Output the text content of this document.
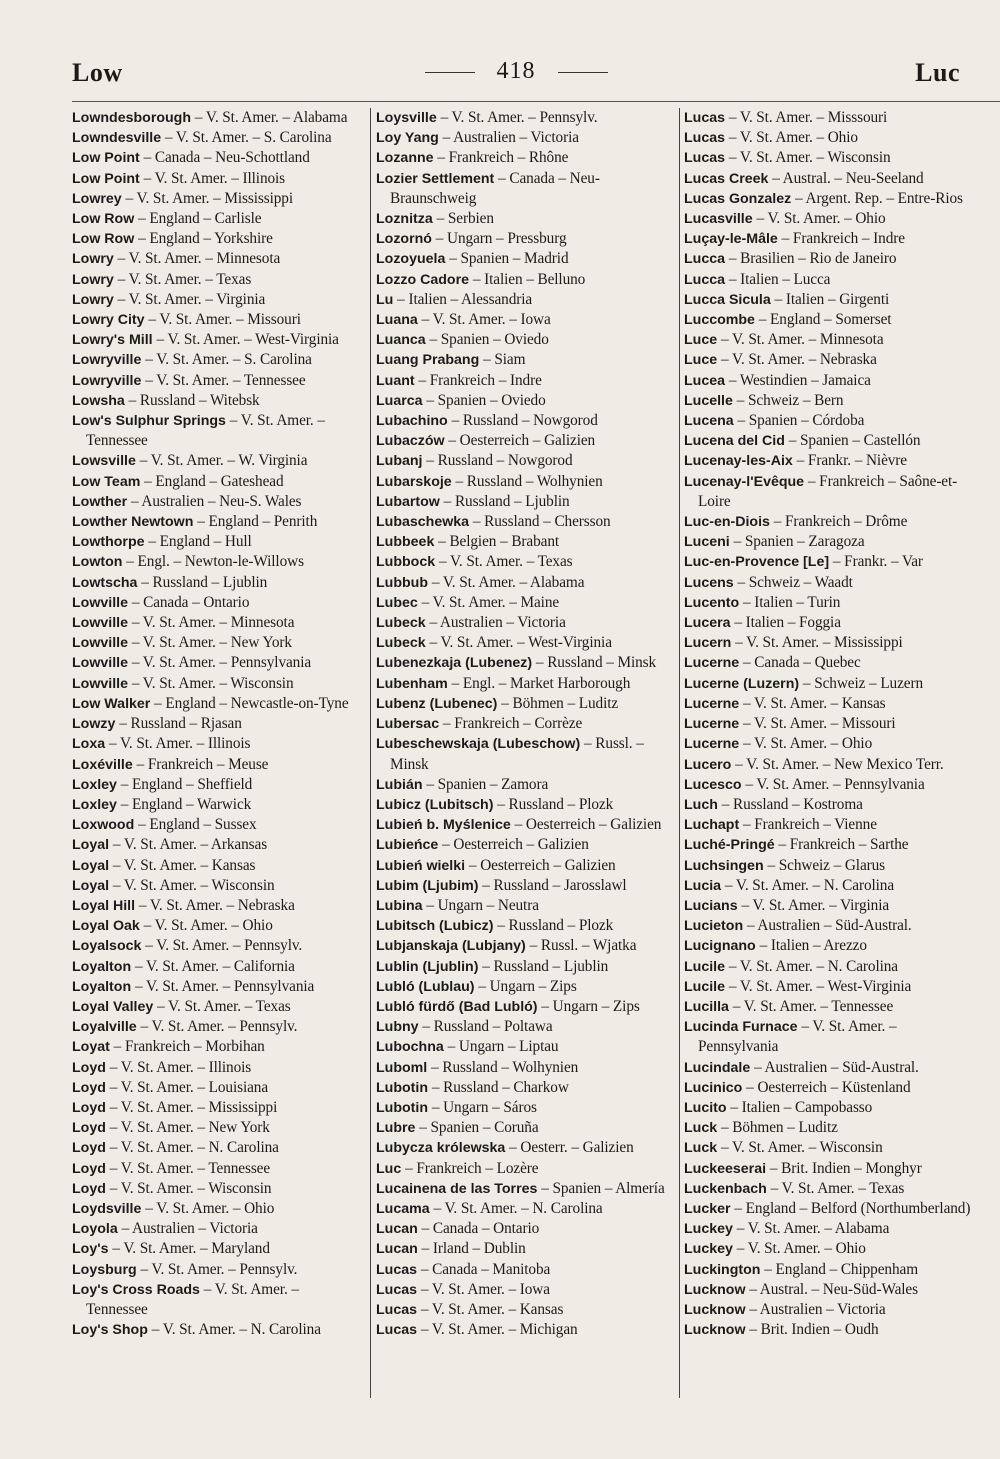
Low	418	Luc
Lowndesborough – V. St. Amer. – Alabama
Lowndesville – V. St. Amer. – S. Carolina
Low Point – Canada – Neu-Schottland
Low Point – V. St. Amer. – Illinois
Lowrey – V. St. Amer. – Mississippi
Low Row – England – Carlisle
Low Row – England – Yorkshire
Lowry – V. St. Amer. – Minnesota
Lowry – V. St. Amer. – Texas
Lowry – V. St. Amer. – Virginia
Lowry City – V. St. Amer. – Missouri
Lowry's Mill – V. St. Amer. – West-Virginia
Lowryville – V. St. Amer. – S. Carolina
Lowryville – V. St. Amer. – Tennessee
Lowsha – Russland – Witebsk
Low's Sulphur Springs – V. St. Amer. – Tennessee
Lowsville – V. St. Amer. – W. Virginia
Low Team – England – Gateshead
Lowther – Australien – Neu-S. Wales
Lowther Newtown – England – Penrith
Lowthorpe – England – Hull
Lowton – Engl. – Newton-le-Willows
Lowtscha – Russland – Ljublin
Lowville – Canada – Ontario
Lowville – V. St. Amer. – Minnesota
Lowville – V. St. Amer. – New York
Lowville – V. St. Amer. – Pennsylvania
Lowville – V. St. Amer. – Wisconsin
Low Walker – England – Newcastle-on-Tyne
Lowzy – Russland – Rjasan
Loxa – V. St. Amer. – Illinois
Loxéville – Frankreich – Meuse
Loxley – England – Sheffield
Loxley – England – Warwick
Loxwood – England – Sussex
Loyal – V. St. Amer. – Arkansas
Loyal – V. St. Amer. – Kansas
Loyal – V. St. Amer. – Wisconsin
Loyal Hill – V. St. Amer. – Nebraska
Loyal Oak – V. St. Amer. – Ohio
Loyalsock – V. St. Amer. – Pennsylv.
Loyalton – V. St. Amer. – California
Loyalton – V. St. Amer. – Pennsylvania
Loyal Valley – V. St. Amer. – Texas
Loyalville – V. St. Amer. – Pennsylv.
Loyat – Frankreich – Morbihan
Loyd – V. St. Amer. – Illinois
Loyd – V. St. Amer. – Louisiana
Loyd – V. St. Amer. – Mississippi
Loyd – V. St. Amer. – New York
Loyd – V. St. Amer. – N. Carolina
Loyd – V. St. Amer. – Tennessee
Loyd – V. St. Amer. – Wisconsin
Loydsville – V. St. Amer. – Ohio
Loyola – Australien – Victoria
Loy's – V. St. Amer. – Maryland
Loysburg – V. St. Amer. – Pennsylv.
Loy's Cross Roads – V. St. Amer. – Tennessee
Loy's Shop – V. St. Amer. – N. Carolina
Loysville – V. St. Amer. – Pennsylv.
Loy Yang – Australien – Victoria
Lozanne – Frankreich – Rhône
Lozier Settlement – Canada – Neu-Braunschweig
Loznitza – Serbien
Lozornó – Ungarn – Pressburg
Lozoyuela – Spanien – Madrid
Lozzo Cadore – Italien – Belluno
Lu – Italien – Alessandria
Luana – V. St. Amer. – Iowa
Luanca – Spanien – Oviedo
Luang Prabang – Siam
Luant – Frankreich – Indre
Luarca – Spanien – Oviedo
Lubachino – Russland – Nowgorod
Lubaczów – Oesterreich – Galizien
Lubanj – Russland – Nowgorod
Lubarskoje – Russland – Wolhynien
Lubartow – Russland – Ljublin
Lubaschewka – Russland – Chersson
Lubbeek – Belgien – Brabant
Lubbock – V. St. Amer. – Texas
Lubbub – V. St. Amer. – Alabama
Lubec – V. St. Amer. – Maine
Lubeck – Australien – Victoria
Lubeck – V. St. Amer. – West-Virginia
Lubenezkaja (Lubenez) – Russland – Minsk
Lubenham – Engl. – Market Harborough
Lubenz (Lubenec) – Böhmen – Luditz
Lubersac – Frankreich – Corrèze
Lubeschewskaja (Lubeschow) – Russl. – Minsk
Lubián – Spanien – Zamora
Lubicz (Lubitsch) – Russland – Plozk
Lubień b. Myślenice – Oesterreich – Galizien
Lubieńce – Oesterreich – Galizien
Lubień wielki – Oesterreich – Galizien
Lubim (Ljubim) – Russland – Jarosslawl
Lubina – Ungarn – Neutra
Lubitsch (Lubicz) – Russland – Plozk
Lubjanskaja (Lubjany) – Russl. – Wjatka
Lublin (Ljublin) – Russland – Ljublin
Lubló (Lublau) – Ungarn – Zips
Lubló fürdő (Bad Lubló) – Ungarn – Zips
Lubny – Russland – Poltawa
Lubochna – Ungarn – Liptau
Luboml – Russland – Wolhynien
Lubotin – Russland – Charkow
Lubotin – Ungarn – Sáros
Lubre – Spanien – Coruña
Lubycza królewska – Oesterr. – Galizien
Luc – Frankreich – Lozère
Lucainena de las Torres – Spanien – Almería
Lucama – V. St. Amer. – N. Carolina
Lucan – Canada – Ontario
Lucan – Irland – Dublin
Lucas – Canada – Manitoba
Lucas – V. St. Amer. – Iowa
Lucas – V. St. Amer. – Kansas
Lucas – V. St. Amer. – Michigan
Lucas – V. St. Amer. – Misssouri
Lucas – V. St. Amer. – Ohio
Lucas – V. St. Amer. – Wisconsin
Lucas Creek – Austral. – Neu-Seeland
Lucas Gonzalez – Argent. Rep. – Entre-Rios
Lucasville – V. St. Amer. – Ohio
Luçay-le-Mâle – Frankreich – Indre
Lucca – Brasilien – Rio de Janeiro
Lucca – Italien – Lucca
Lucca Sicula – Italien – Girgenti
Luccombe – England – Somerset
Luce – V. St. Amer. – Minnesota
Luce – V. St. Amer. – Nebraska
Lucea – Westindien – Jamaica
Lucelle – Schweiz – Bern
Lucena – Spanien – Córdoba
Lucena del Cid – Spanien – Castellón
Lucenay-les-Aix – Frankr. – Nièvre
Lucenay-l'Evêque – Frankreich – Saône-et-Loire
Luc-en-Diois – Frankreich – Drôme
Luceni – Spanien – Zaragoza
Luc-en-Provence [Le] – Frankr. – Var
Lucens – Schweiz – Waadt
Lucento – Italien – Turin
Lucera – Italien – Foggia
Lucern – V. St. Amer. – Mississippi
Lucerne – Canada – Quebec
Lucerne (Luzern) – Schweiz – Luzern
Lucerne – V. St. Amer. – Kansas
Lucerne – V. St. Amer. – Missouri
Lucerne – V. St. Amer. – Ohio
Lucero – V. St. Amer. – New Mexico Terr.
Lucesco – V. St. Amer. – Pennsylvania
Luch – Russland – Kostroma
Luchapt – Frankreich – Vienne
Luché-Pringé – Frankreich – Sarthe
Luchsingen – Schweiz – Glarus
Lucia – V. St. Amer. – N. Carolina
Lucians – V. St. Amer. – Virginia
Lucieton – Australien – Süd-Austral.
Lucignano – Italien – Arezzo
Lucile – V. St. Amer. – N. Carolina
Lucile – V. St. Amer. – West-Virginia
Lucilla – V. St. Amer. – Tennessee
Lucinda Furnace – V. St. Amer. – Pennsylvania
Lucindale – Australien – Süd-Austral.
Lucinico – Oesterreich – Küstenland
Lucito – Italien – Campobasso
Luck – Böhmen – Luditz
Luck – V. St. Amer. – Wisconsin
Luckeeserai – Brit. Indien – Monghyr
Luckenbach – V. St. Amer. – Texas
Lucker – England – Belford (Northumberland)
Luckey – V. St. Amer. – Alabama
Luckey – V. St. Amer. – Ohio
Luckington – England – Chippenham
Lucknow – Austral. – Neu-Süd-Wales
Lucknow – Australien – Victoria
Lucknow – Brit. Indien – Oudh
